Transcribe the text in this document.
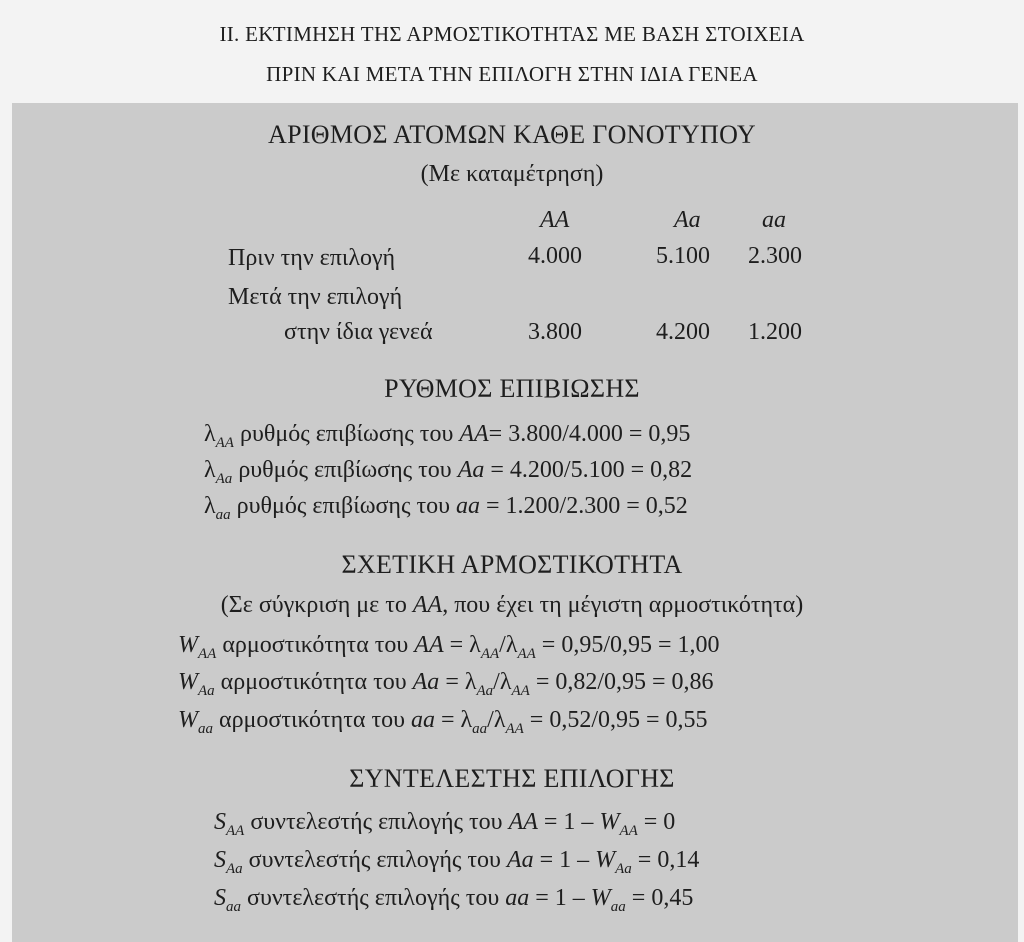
II. ΕΚΤΙΜΗΣΗ ΤΗΣ ΑΡΜΟΣΤΙΚΟΤΗΤΑΣ ΜΕ ΒΑΣΗ ΣΤΟΙΧΕΙΑ
ΠΡΙΝ ΚΑΙ ΜΕΤΑ ΤΗΝ ΕΠΙΛΟΓΗ ΣΤΗΝ ΙΔΙΑ ΓΕΝΕΑ
ΑΡΙΘΜΟΣ ΑΤΟΜΩΝ ΚΑΘΕ ΓΟΝΟΤΥΠΟΥ
(Με καταμέτρηση)
AA	Aa	aa
Πριν την επιλογή	4.000	5.100 2.300
Μετά την επιλογή
στην ίδια γενεά	3.800	4.200 1.200
ΡΥΘΜΟΣ ΕΠΙΒΙΩΣΗΣ
$\lambda_{AA}$ ρυθμός επιβίωσης του AA= 3.800/4.000 = 0,95
$\lambda_{Aa}$ ρυθμός επιβίωσης του Aa = 4.200/5.100 = 0,82
$\lambda_{aa}$ ρυθμός επιβίωσης του aa = 1.200/2.300 = 0,52
ΣΧΕΤΙΚΗ ΑΡΜΟΣΤΙΚΟΤΗΤΑ
(Σε σύγκριση με το AA, που έχει τη μέγιστη αρμοστικότητα)
$W_{AA}$ αρμοστικότητα του AA = $\lambda_{AA}/\lambda_{AA} = 0,95/0,95 = 1,00$
$W_{Aa}$ αρμοστικότητα του $Aa = \lambda_{Aa}/\lambda_{AA} = 0,82/0,95 = 0,86$
$W_{aa}$ αρμοστικότητα του aa = $\lambda_{aa}/\lambda_{AA} = 0,52/0,95 = 0,55$
ΣΥΝΤΕΛΕΣΤΗΣ ΕΠΙΛΟΓΗΣ
$S_{AA}$ συντελεστής επιλογής του AA = $1 - W_{AA} = 0$
$S_{Aa}$ συντελεστής επιλογής του $Aa = 1 - W_{Aa} = 0,14$
$S_{aa}$ συντελεστής επιλογής του aa = $1 - W_{aa} = 0,45$
